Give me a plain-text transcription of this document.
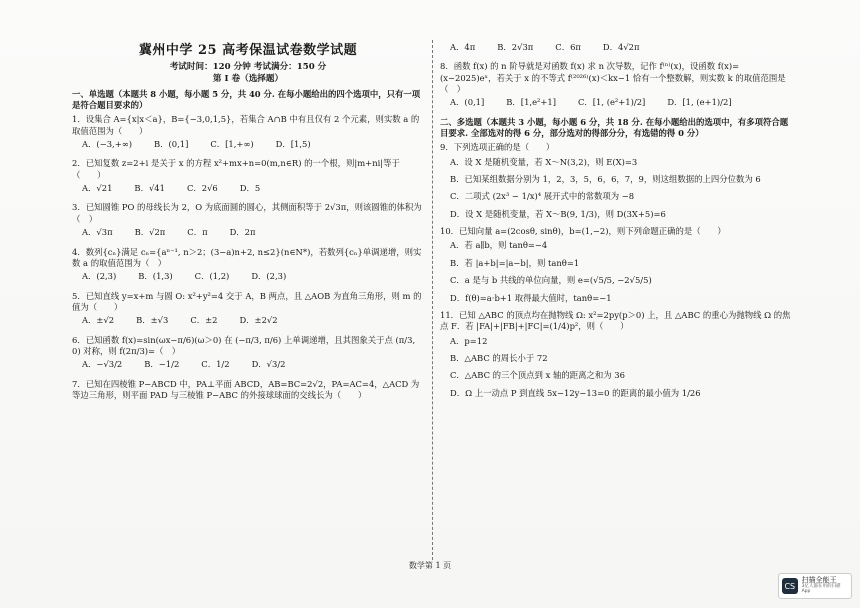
冀州中学 25 高考保温试卷数学试题
考试时间：120 分钟 考试满分：150 分
第 I 卷（选择题）
一、单选题（本题共 8 小题，每小题 5 分，共 40 分. 在每小题给出的四个选项中，只有一项是符合题目要求的）
1．设集合 A={x|x＜a}，B={−3,0,1,5}，若集合 A∩B 中有且仅有 2 个元素，则实数 a 的取值范围为（　　）
A．(−3,+∞)	B．(0,1]	C．[1,+∞)	D．[1,5)
2．已知复数 z=2+i 是关于 x 的方程 x²+mx+n=0(m,n∈R) 的一个根，则|m+ni|等于（　　）
A．√21	B．√41	C．2√6	D．5
3．已知圆锥 PO 的母线长为 2，O 为底面圆的圆心，其侧面积等于 2√3π，则该圆锥的体积为（　）
A．√3π	B．√2π	C．π	D．2π
4．数列{cₙ}满足 cₙ={aⁿ⁻¹, n＞2；(3−a)n+2, n≤2}(n∈N*)，若数列{cₙ}单调递增，则实数 a 的取值范围为（　）
A．(2,3)	B．(1,3)	C．(1,2)	D．(2,3)
5．已知直线 y=x+m 与圆 O: x²+y²=4 交于 A，B 两点，且 △AOB 为直角三角形，则 m 的值为（　　）
A．±√2	B．±√3	C．±2	D．±2√2
6．已知函数 f(x)=sin(ωx−π/6)(ω＞0) 在 (−π/3, π/6) 上单调递增，且其图象关于点 (π/3, 0) 对称，则 f(2π/3)=（　）
A．−√3/2	B．−1/2	C．1/2	D．√3/2
7．已知在四棱锥 P−ABCD 中，PA⊥平面 ABCD，AB=BC=2√2，PA=AC=4，△ACD 为等边三角形，则平面 PAD 与三棱锥 P−ABC 的外接球球面的交线长为（　　）
A．4π	B．2√3π	C．6π	D．4√2π
8．函数 f(x) 的 n 阶导就是对函数 f(x) 求 n 次导数，记作 f⁽ⁿ⁾(x)，设函数 f(x)=(x−2025)eˣ，若关于 x 的不等式 f⁽²⁰²⁶⁾(x)＜kx−1 恰有一个整数解，则实数 k 的取值范围是（　）
A．(0,1]	B．[1,e²+1]	C．[1, (e²+1)/2]	D．[1, (e+1)/2]
二、多选题（本题共 3 小题，每小题 6 分，共 18 分. 在每小题给出的选项中，有多项符合题目要求. 全部选对的得 6 分，部分选对的得部分分，有选错的得 0 分）
9．下列选项正确的是（　　）
A．设 X 是随机变量，若 X～N(3,2)，则 E(X)=3
B．已知某组数据分别为 1，2，3，5，6，6，7，9，则这组数据的上四分位数为 6
C．二项式 (2x³ − 1/x)⁴ 展开式中的常数项为 −8
D．设 X 是随机变量，若 X～B(9, 1/3)，则 D(3X+5)=6
10．已知向量 a=(2cosθ, sinθ)，b=(1,−2)，则下列命题正确的是（　　）
A．若 a∥b，则 tanθ=−4
B．若 |a+b|=|a−b|，则 tanθ=1
C．a 是与 b 共线的单位向量，则 e=(√5/5, −2√5/5)
D．f(θ)=a·b+1 取得最大值时，tanθ=−1
11．已知 △ABC 的顶点均在抛物线 Ω: x²=2py(p＞0) 上，且 △ABC 的重心为抛物线 Ω 的焦点 F．若 |FA|+|FB|+|FC|=(1/4)p²，则（　　）
A．p=12
B．△ABC 的周长小于 72
C．△ABC 的三个顶点到 x 轴的距离之和为 36
D．Ω 上一动点 P 到直线 5x−12y−13=0 的距离的最小值为 1/26
数学第 1 页
CS
扫描全能王
3亿人都在用的扫描App
